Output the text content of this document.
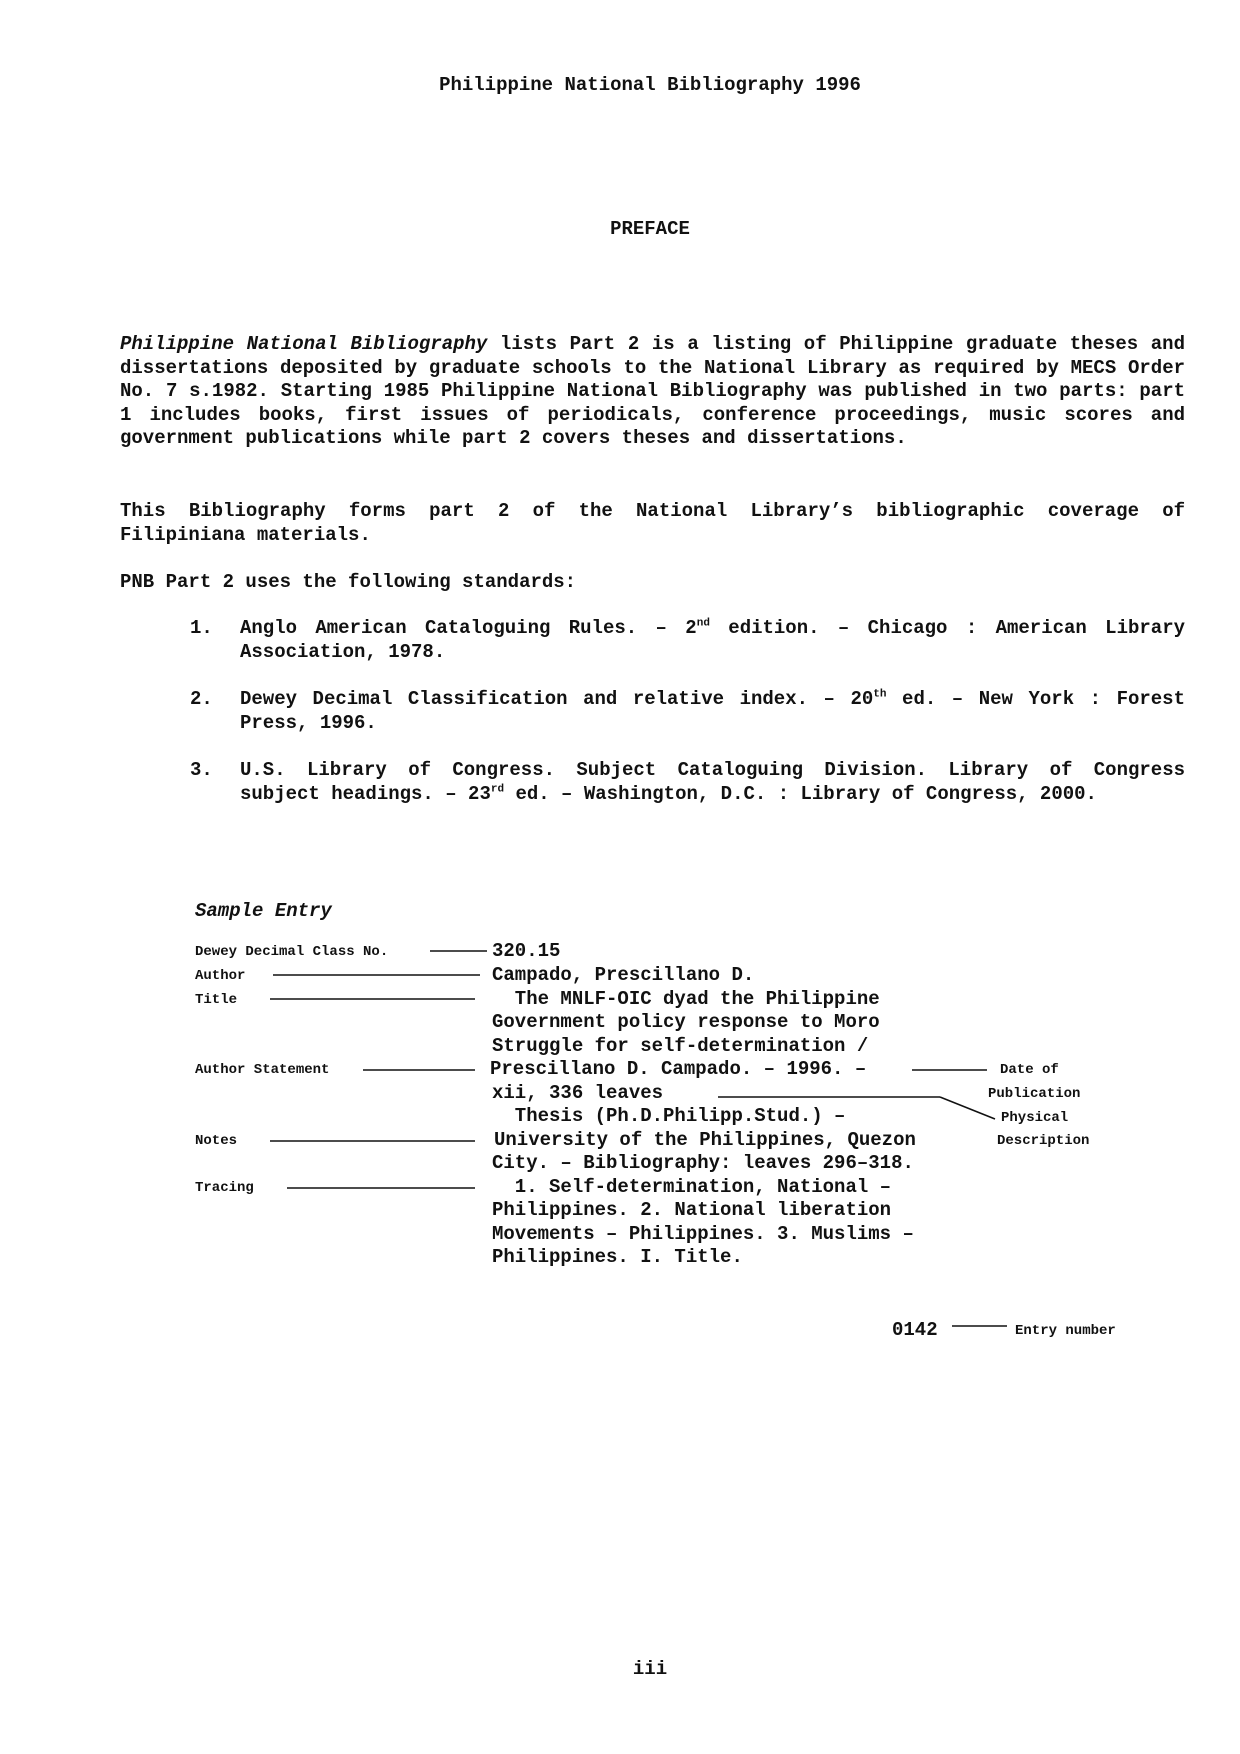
Philippine National Bibliography 1996
PREFACE
Philippine National Bibliography lists Part 2 is a listing of Philippine graduate theses and dissertations deposited by graduate schools to the National Library as required by MECS Order No. 7 s.1982. Starting 1985 Philippine National Bibliography was published in two parts: part 1 includes books, first issues of periodicals, conference proceedings, music scores and government publications while part 2 covers theses and dissertations.
This Bibliography forms part 2 of the National Library’s bibliographic coverage of Filipiniana materials.
PNB Part 2 uses the following standards:
1. Anglo American Cataloguing Rules. – 2nd edition. – Chicago : American Library Association, 1978.
2. Dewey Decimal Classification and relative index. – 20th ed. – New York : Forest Press, 1996.
3. U.S. Library of Congress. Subject Cataloguing Division. Library of Congress subject headings. – 23rd ed. – Washington, D.C. : Library of Congress, 2000.
Sample Entry
Dewey Decimal Class No.
Author
Title
Author Statement
Notes
Tracing
Date of
Publication
Physical
Description
320.15
Campado, Prescillano D.
The MNLF-OIC dyad the Philippine
Government policy response to Moro
Struggle for self-determination /
Prescillano D. Campado. – 1996. –
xii, 336 leaves
Thesis (Ph.D.Philipp.Stud.) –
University of the Philippines, Quezon
City. – Bibliography: leaves 296–318.
1. Self-determination, National –
Philippines. 2. National liberation
Movements – Philippines. 3. Muslims –
Philippines. I. Title.
0142	Entry number
iii
